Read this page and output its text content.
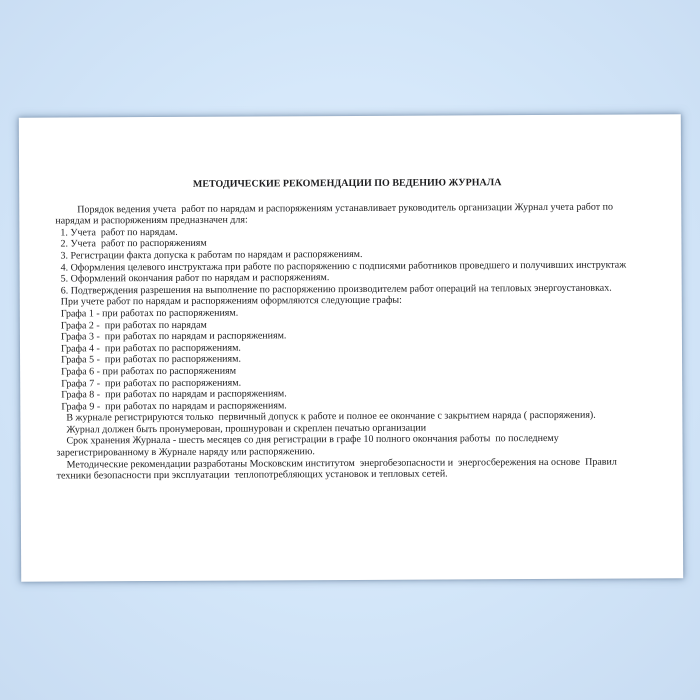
МЕТОДИЧЕСКИЕ РЕКОМЕНДАЦИИ ПО ВЕДЕНИЮ ЖУРНАЛА
Порядок ведения учета  работ по нарядам и распоряжениям устанавливает руководитель организации Журнал учета работ по нарядам и распоряжениям предназначен для:
1. Учета  работ по нарядам.
2. Учета  работ по распоряжениям
3. Регистрации факта допуска к работам по нарядам и распоряжениям.
4. Оформления целевого инструктажа при работе по распоряжению с подписями работников проведшего и получивших инструктаж
5. Оформлений окончания работ по нарядам и распоряжениям.
6. Подтверждения разрешения на выполнение по распоряжению производителем работ операций на тепловых энергоустановках.
При учете работ по нарядам и распоряжениям оформляются следующие графы:
Графа 1 - при работах по распоряжениям.
Графа 2 -  при работах по нарядам
Графа 3 -  при работах по нарядам и распоряжениям.
Графа 4 -  при работах по распоряжениям.
Графа 5 -  при работах по распоряжениям.
Графа 6 - при работах по распоряжениям
Графа 7 -  при работах по распоряжениям.
Графа 8 -  при работах по нарядам и распоряжениям.
Графа 9 -  при работах по нарядам и распоряжениям.
В журнале регистрируются только  первичный допуск к работе и полное ее окончание с закрытием наряда ( распоряжения).
Журнал должен быть пронумерован, прошнурован и скреплен печатью организации
Срок хранения Журнала - шесть месяцев со дня регистрации в графе 10 полного окончания работы  по последнему зарегистрированному в Журнале наряду или распоряжению.
Методические рекомендации разработаны Московским институтом  энергобезопасности и  энергосбережения на основе  Правил техники безопасности при эксплуатации  теплопотребляющих установок и тепловых сетей.
